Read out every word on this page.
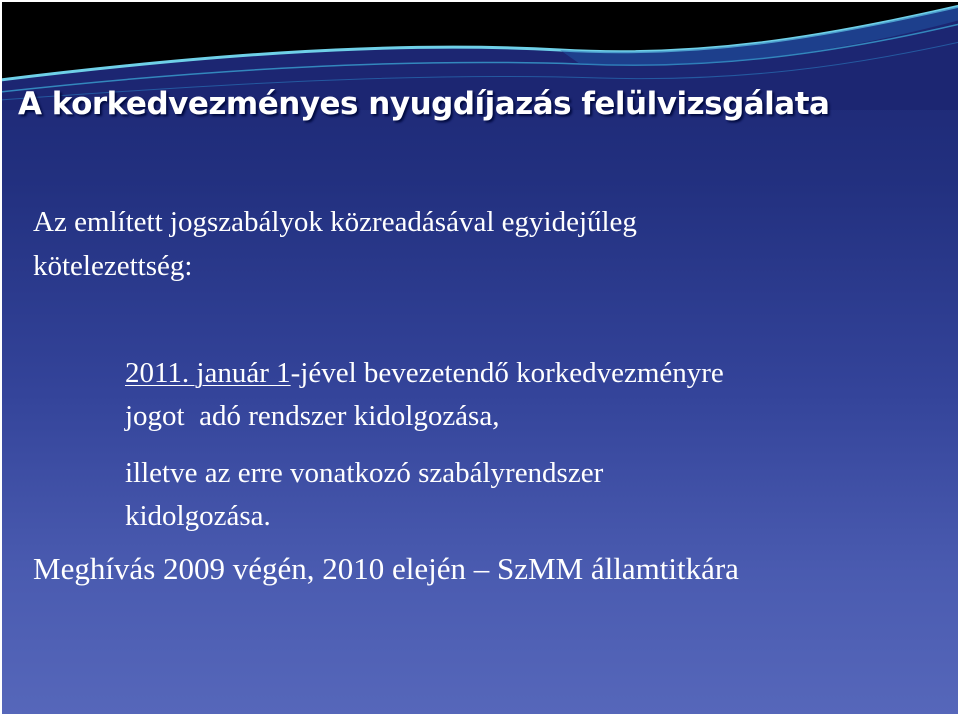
A korkedvezményes nyugdíjazás felülvizsgálata

Az említett jogszabályok közreadásával egyidejűleg
kötelezettség:

2011. január 1-jével bevezetendő korkedvezményre
jogot  adó rendszer kidolgozása,

illetve az erre vonatkozó szabályrendszer
kidolgozása.

Meghívás 2009 végén, 2010 elején – SzMM államtitkára
